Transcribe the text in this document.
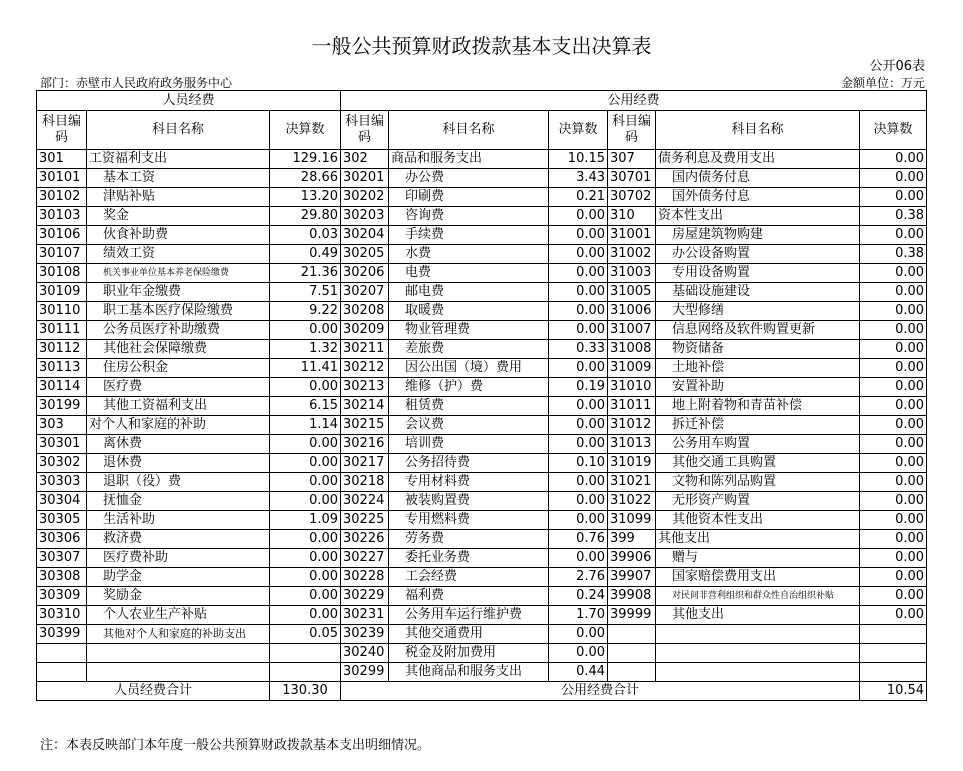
一般公共预算财政拨款基本支出决算表
公开06表
部门：赤壁市人民政府政务服务中心	金额单位：万元
人员经费			公用经费					
科目编码	科目名称	决算数	科目编码	科目名称	决算数	科目编码	科目名称	决算数
301	工资福利支出	129.16	302	商品和服务支出	10.15	307	债务利息及费用支出	0.00
30101	基本工资	28.66	30201	办公费	3.43	30701	国内债务付息	0.00
30102	津贴补贴	13.20	30202	印刷费	0.21	30702	国外债务付息	0.00
30103	奖金	29.80	30203	咨询费	0.00	310	资本性支出	0.38
30106	伙食补助费	0.03	30204	手续费	0.00	31001	房屋建筑物购建	0.00
30107	绩效工资	0.49	30205	水费	0.00	31002	办公设备购置	0.38
30108	机关事业单位基本养老保险缴费	21.36	30206	电费	0.00	31003	专用设备购置	0.00
30109	职业年金缴费	7.51	30207	邮电费	0.00	31005	基础设施建设	0.00
30110	职工基本医疗保险缴费	9.22	30208	取暖费	0.00	31006	大型修缮	0.00
30111	公务员医疗补助缴费	0.00	30209	物业管理费	0.00	31007	信息网络及软件购置更新	0.00
30112	其他社会保障缴费	1.32	30211	差旅费	0.33	31008	物资储备	0.00
30113	住房公积金	11.41	30212	因公出国（境）费用	0.00	31009	土地补偿	0.00
30114	医疗费	0.00	30213	维修（护）费	0.19	31010	安置补助	0.00
30199	其他工资福利支出	6.15	30214	租赁费	0.00	31011	地上附着物和青苗补偿	0.00
303	对个人和家庭的补助	1.14	30215	会议费	0.00	31012	拆迁补偿	0.00
30301	离休费	0.00	30216	培训费	0.00	31013	公务用车购置	0.00
30302	退休费	0.00	30217	公务招待费	0.10	31019	其他交通工具购置	0.00
30303	退职（役）费	0.00	30218	专用材料费	0.00	31021	文物和陈列品购置	0.00
30304	抚恤金	0.00	30224	被装购置费	0.00	31022	无形资产购置	0.00
30305	生活补助	1.09	30225	专用燃料费	0.00	31099	其他资本性支出	0.00
30306	救济费	0.00	30226	劳务费	0.76	399	其他支出	0.00
30307	医疗费补助	0.00	30227	委托业务费	0.00	39906	赠与	0.00
30308	助学金	0.00	30228	工会经费	2.76	39907	国家赔偿费用支出	0.00
30309	奖励金	0.00	30229	福利费	0.24	39908	对民间非营利组织和群众性自治组织补贴	0.00
30310	个人农业生产补贴	0.00	30231	公务用车运行维护费	1.70	39999	其他支出	0.00
30399	其他对个人和家庭的补助支出	0.05	30239	其他交通费用	0.00			
			30240	税金及附加费用	0.00			
			30299	其他商品和服务支出	0.44			
人员经费合计		130.30	公用经费合计					10.54
注：本表反映部门本年度一般公共预算财政拨款基本支出明细情况。
